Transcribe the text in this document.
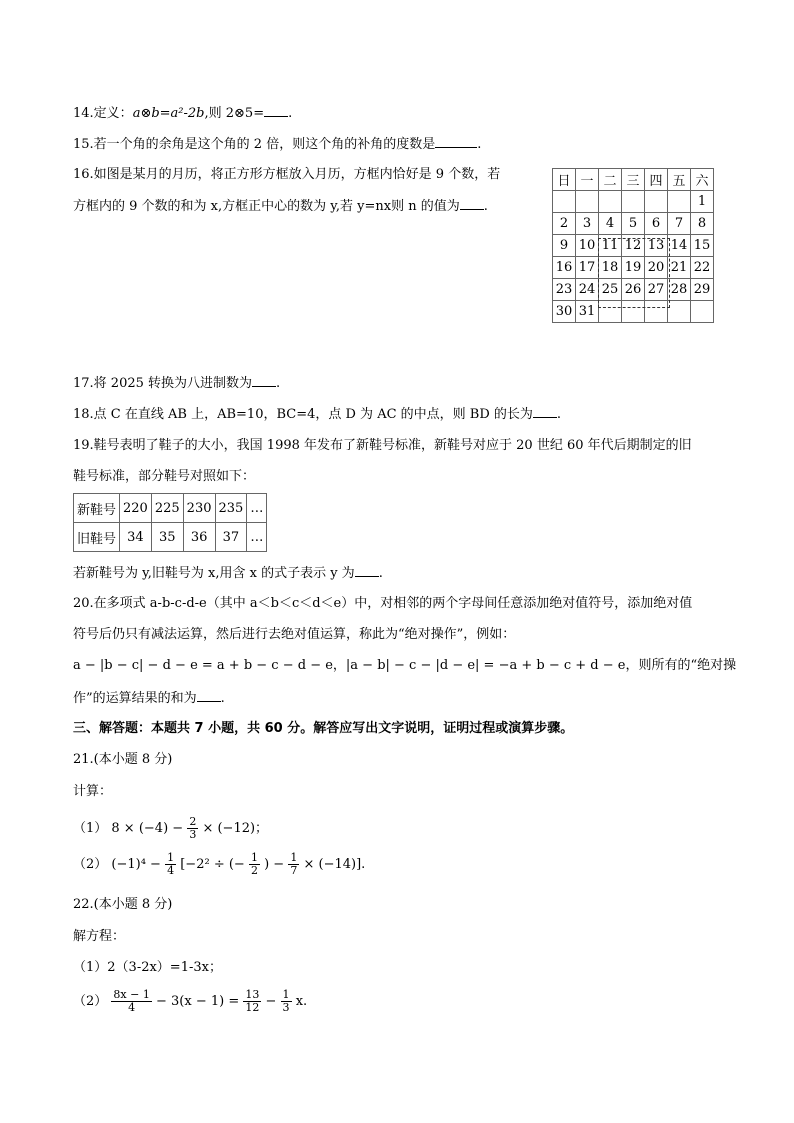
14.定义：a⊗b=a²-2b,则 2⊗5= .
15.若一个角的余角是这个角的 2 倍，则这个角的补角的度数是	.
16.如图是某月的月历，将正方形方框放入月历，方框内恰好是 9 个数，若
方框内的 9 个数的和为 x,方框正中心的数为 y,若 y=nx则 n 的值为 .
日	一	二	三	四	五	六
						1
2	3	4	5	6	7	8
9	10	11	12	13	14	15
16	17	18	19	20	21	22
23	24	25	26	27	28	29
30	31					
17.将 2025 转换为八进制数为 .
18.点 C 在直线 AB 上，AB=10，BC=4，点 D 为 AC 的中点，则 BD 的长为 .
19.鞋号表明了鞋子的大小，我国 1998 年发布了新鞋号标准，新鞋号对应于 20 世纪 60 年代后期制定的旧
鞋号标准，部分鞋号对照如下：
新鞋号	220	225	230	235	…
旧鞋号	34	35	36	37	…
若新鞋号为 y,旧鞋号为 x,用含 x 的式子表示 y 为 .
20.在多项式 a-b-c-d-e（其中 a＜b＜c＜d＜e）中，对相邻的两个字母间任意添加绝对值符号，添加绝对值
符号后仍只有减法运算，然后进行去绝对值运算，称此为“绝对操作”，例如：
a − |b − c| − d − e = a + b − c − d − e，|a − b| − c − |d − e| = −a + b − c + d − e，则所有的“绝对操
作”的运算结果的和为 .
三、解答题：本题共 7 小题，共 60 分。解答应写出文字说明，证明过程或演算步骤。
21.(本小题 8 分)
计算：
（1） $8 \times (-4) - \frac{2}{3} \times (-12)$；
（2） $(-1)^4 - \frac{1}{4} [-2^2$ ÷ (− $\frac{1}{2}$ ) − $\frac{1}{7} \times (-14)$].
22.(本小题 8 分)
解方程：
（1）2（3-2x）=1-3x；
$(2) \frac{8x - 1}{4} - 3(x - 1) = \frac{13}{12} - \frac{1}{3} x$.
